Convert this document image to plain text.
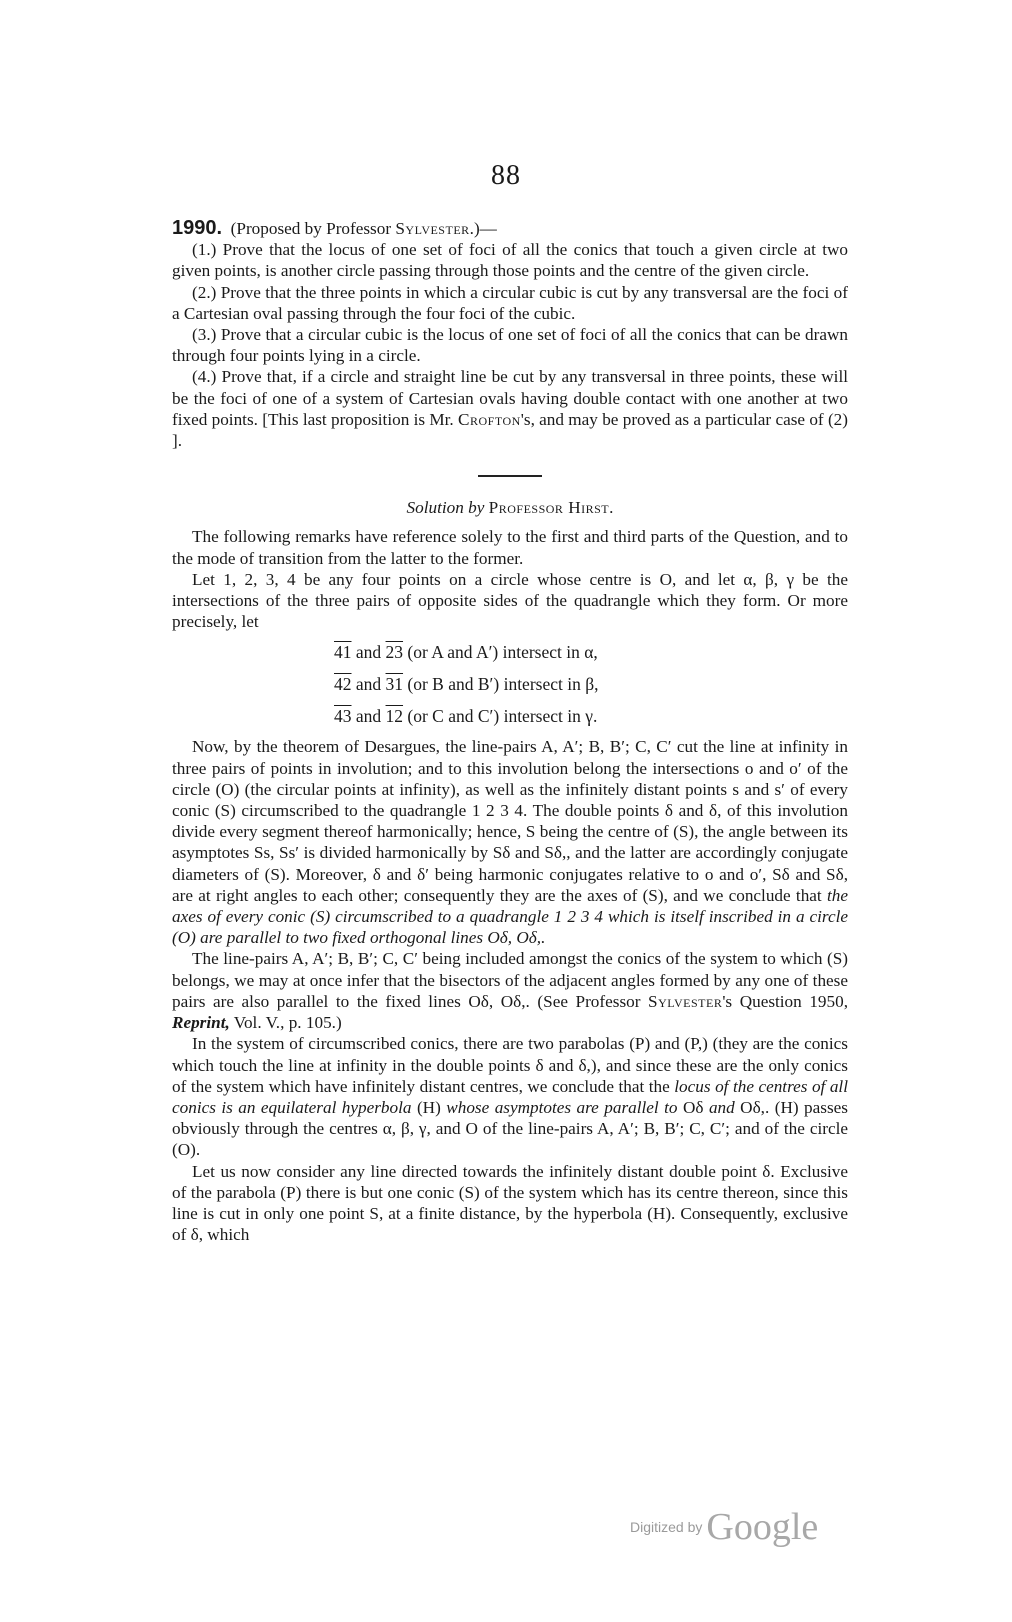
88

1990. (Proposed by Professor Sylvester.)—

(1.) Prove that the locus of one set of foci of all the conics that touch a given circle at two given points, is another circle passing through those points and the centre of the given circle.

(2.) Prove that the three points in which a circular cubic is cut by any transversal are the foci of a Cartesian oval passing through the four foci of the cubic.

(3.) Prove that a circular cubic is the locus of one set of foci of all the conics that can be drawn through four points lying in a circle.

(4.) Prove that, if a circle and straight line be cut by any transversal in three points, these will be the foci of one of a system of Cartesian ovals having double contact with one another at two fixed points. [This last proposition is Mr. Crofton's, and may be proved as a particular case of (2) ].

Solution by Professor Hirst.

The following remarks have reference solely to the first and third parts of the Question, and to the mode of transition from the latter to the former.

Let 1, 2, 3, 4 be any four points on a circle whose centre is O, and let α, β, γ be the intersections of the three pairs of opposite sides of the quadrangle which they form. Or more precisely, let

41 and 23 (or A and A′) intersect in α,

42 and 31 (or B and B′) intersect in β,

43 and 12 (or C and C′) intersect in γ.

Now, by the theorem of Desargues, the line-pairs A, A′; B, B′; C, C′ cut the line at infinity in three pairs of points in involution; and to this involution belong the intersections o and o′ of the circle (O) (the circular points at infinity), as well as the infinitely distant points s and s′ of every conic (S) circumscribed to the quadrangle 1 2 3 4. The double points δ and δ, of this involution divide every segment thereof harmonically; hence, S being the centre of (S), the angle between its asymptotes Ss, Ss′ is divided harmonically by Sδ and Sδ,, and the latter are accordingly conjugate diameters of (S). Moreover, δ and δ′ being harmonic conjugates relative to o and o′, Sδ and Sδ, are at right angles to each other; consequently they are the axes of (S), and we conclude that the axes of every conic (S) circumscribed to a quadrangle 1 2 3 4 which is itself inscribed in a circle (O) are parallel to two fixed orthogonal lines Oδ, Oδ,.

The line-pairs A, A′; B, B′; C, C′ being included amongst the conics of the system to which (S) belongs, we may at once infer that the bisectors of the adjacent angles formed by any one of these pairs are also parallel to the fixed lines Oδ, Oδ,. (See Professor Sylvester's Question 1950, Reprint, Vol. V., p. 105.)

In the system of circumscribed conics, there are two parabolas (P) and (P,) (they are the conics which touch the line at infinity in the double points δ and δ,), and since these are the only conics of the system which have infinitely distant centres, we conclude that the locus of the centres of all conics is an equilateral hyperbola (H) whose asymptotes are parallel to Oδ and Oδ,. (H) passes obviously through the centres α, β, γ, and O of the line-pairs A, A′; B, B′; C, C′; and of the circle (O).

Let us now consider any line directed towards the infinitely distant double point δ. Exclusive of the parabola (P) there is but one conic (S) of the system which has its centre thereon, since this line is cut in only one point S, at a finite distance, by the hyperbola (H). Consequently, exclusive of δ, which

Digitized by Google
